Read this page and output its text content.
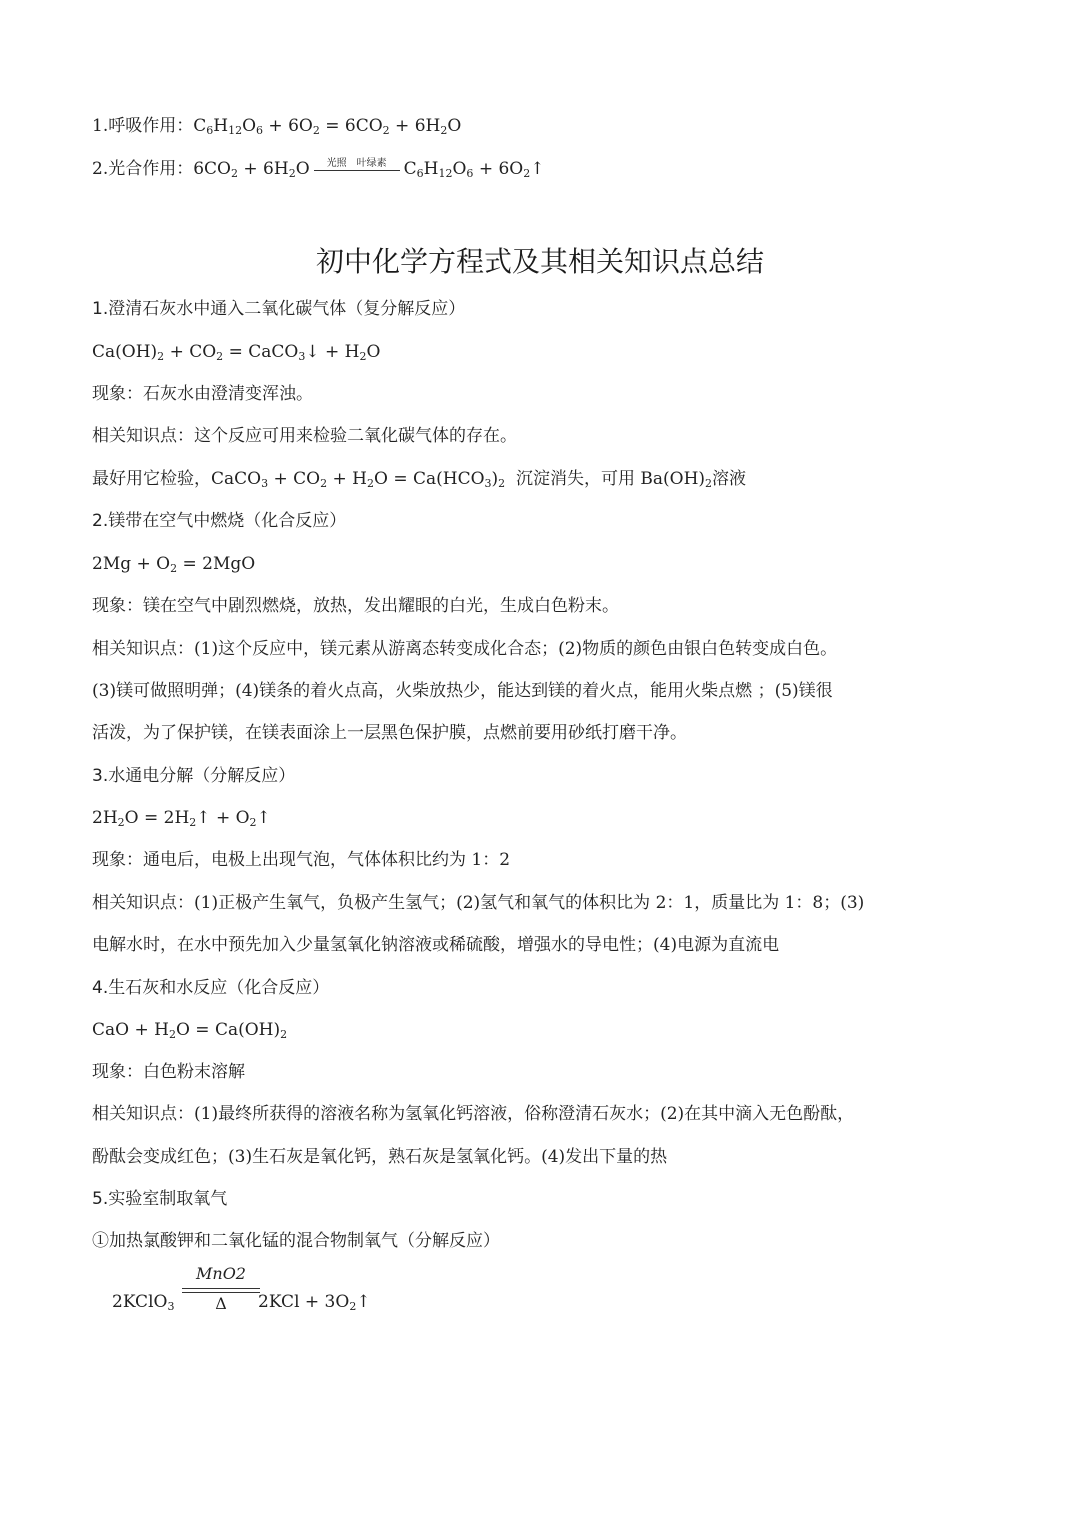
1.呼吸作用：$C_6H_{12}O_6 + 6O_2 = 6CO_2 + 6H_2O$
2.光合作用：$6CO_2 + 6H_2O$	光照　叶绿素	$C_6H_{12}O_6$ + $6O_2↑$
初中化学方程式及其相关知识点总结
1.澄清石灰水中通入二氧化碳气体（复分解反应）
$Ca(OH)_2 + CO_2$ = CaCO$_3$↓ + $H_2O$
现象：石灰水由澄清变浑浊。
相关知识点：这个反应可用来检验二氧化碳气体的存在。
最好用它检验，CaCO$_3$ + $CO_2 + H_2O = Ca(HCO_3)_2$ 沉淀消失，可用 $Ba(OH)_2$溶液
2.镁带在空气中燃烧（化合反应）
$2Mg + O_2 = 2MgO$
现象：镁在空气中剧烈燃烧，放热，发出耀眼的白光，生成白色粉末。
相关知识点：(1)这个反应中，镁元素从游离态转变成化合态；(2)物质的颜色由银白色转变成白色。
(3)镁可做照明弹；(4)镁条的着火点高，火柴放热少，能达到镁的着火点，能用火柴点燃 ；(5)镁很
活泼，为了保护镁，在镁表面涂上一层黑色保护膜，点燃前要用砂纸打磨干净。
3.水通电分解（分解反应）
$2H_2O$ = $2H_2↑$ + $O_2↑$
现象：通电后，电极上出现气泡，气体体积比约为 1：2
相关知识点：(1)正极产生氧气，负极产生氢气；(2)氢气和氧气的体积比为 2：1，质量比为 1：8；(3)
电解水时，在水中预先加入少量氢氧化钠溶液或稀硫酸，增强水的导电性；(4)电源为直流电
4.生石灰和水反应（化合反应）
CaO + $H_2O = Ca(OH)_2$
现象：白色粉末溶解
相关知识点：(1)最终所获得的溶液名称为氢氧化钙溶液，俗称澄清石灰水；(2)在其中滴入无色酚酞，
酚酞会变成红色；(3)生石灰是氧化钙，熟石灰是氢氧化钙。(4)发出下量的热
5.实验室制取氧气
①加热氯酸钾和二氧化锰的混合物制氧气（分解反应）
2KClO$_3$	$2KCl + 3O_2↑$
MnO2
Δ
